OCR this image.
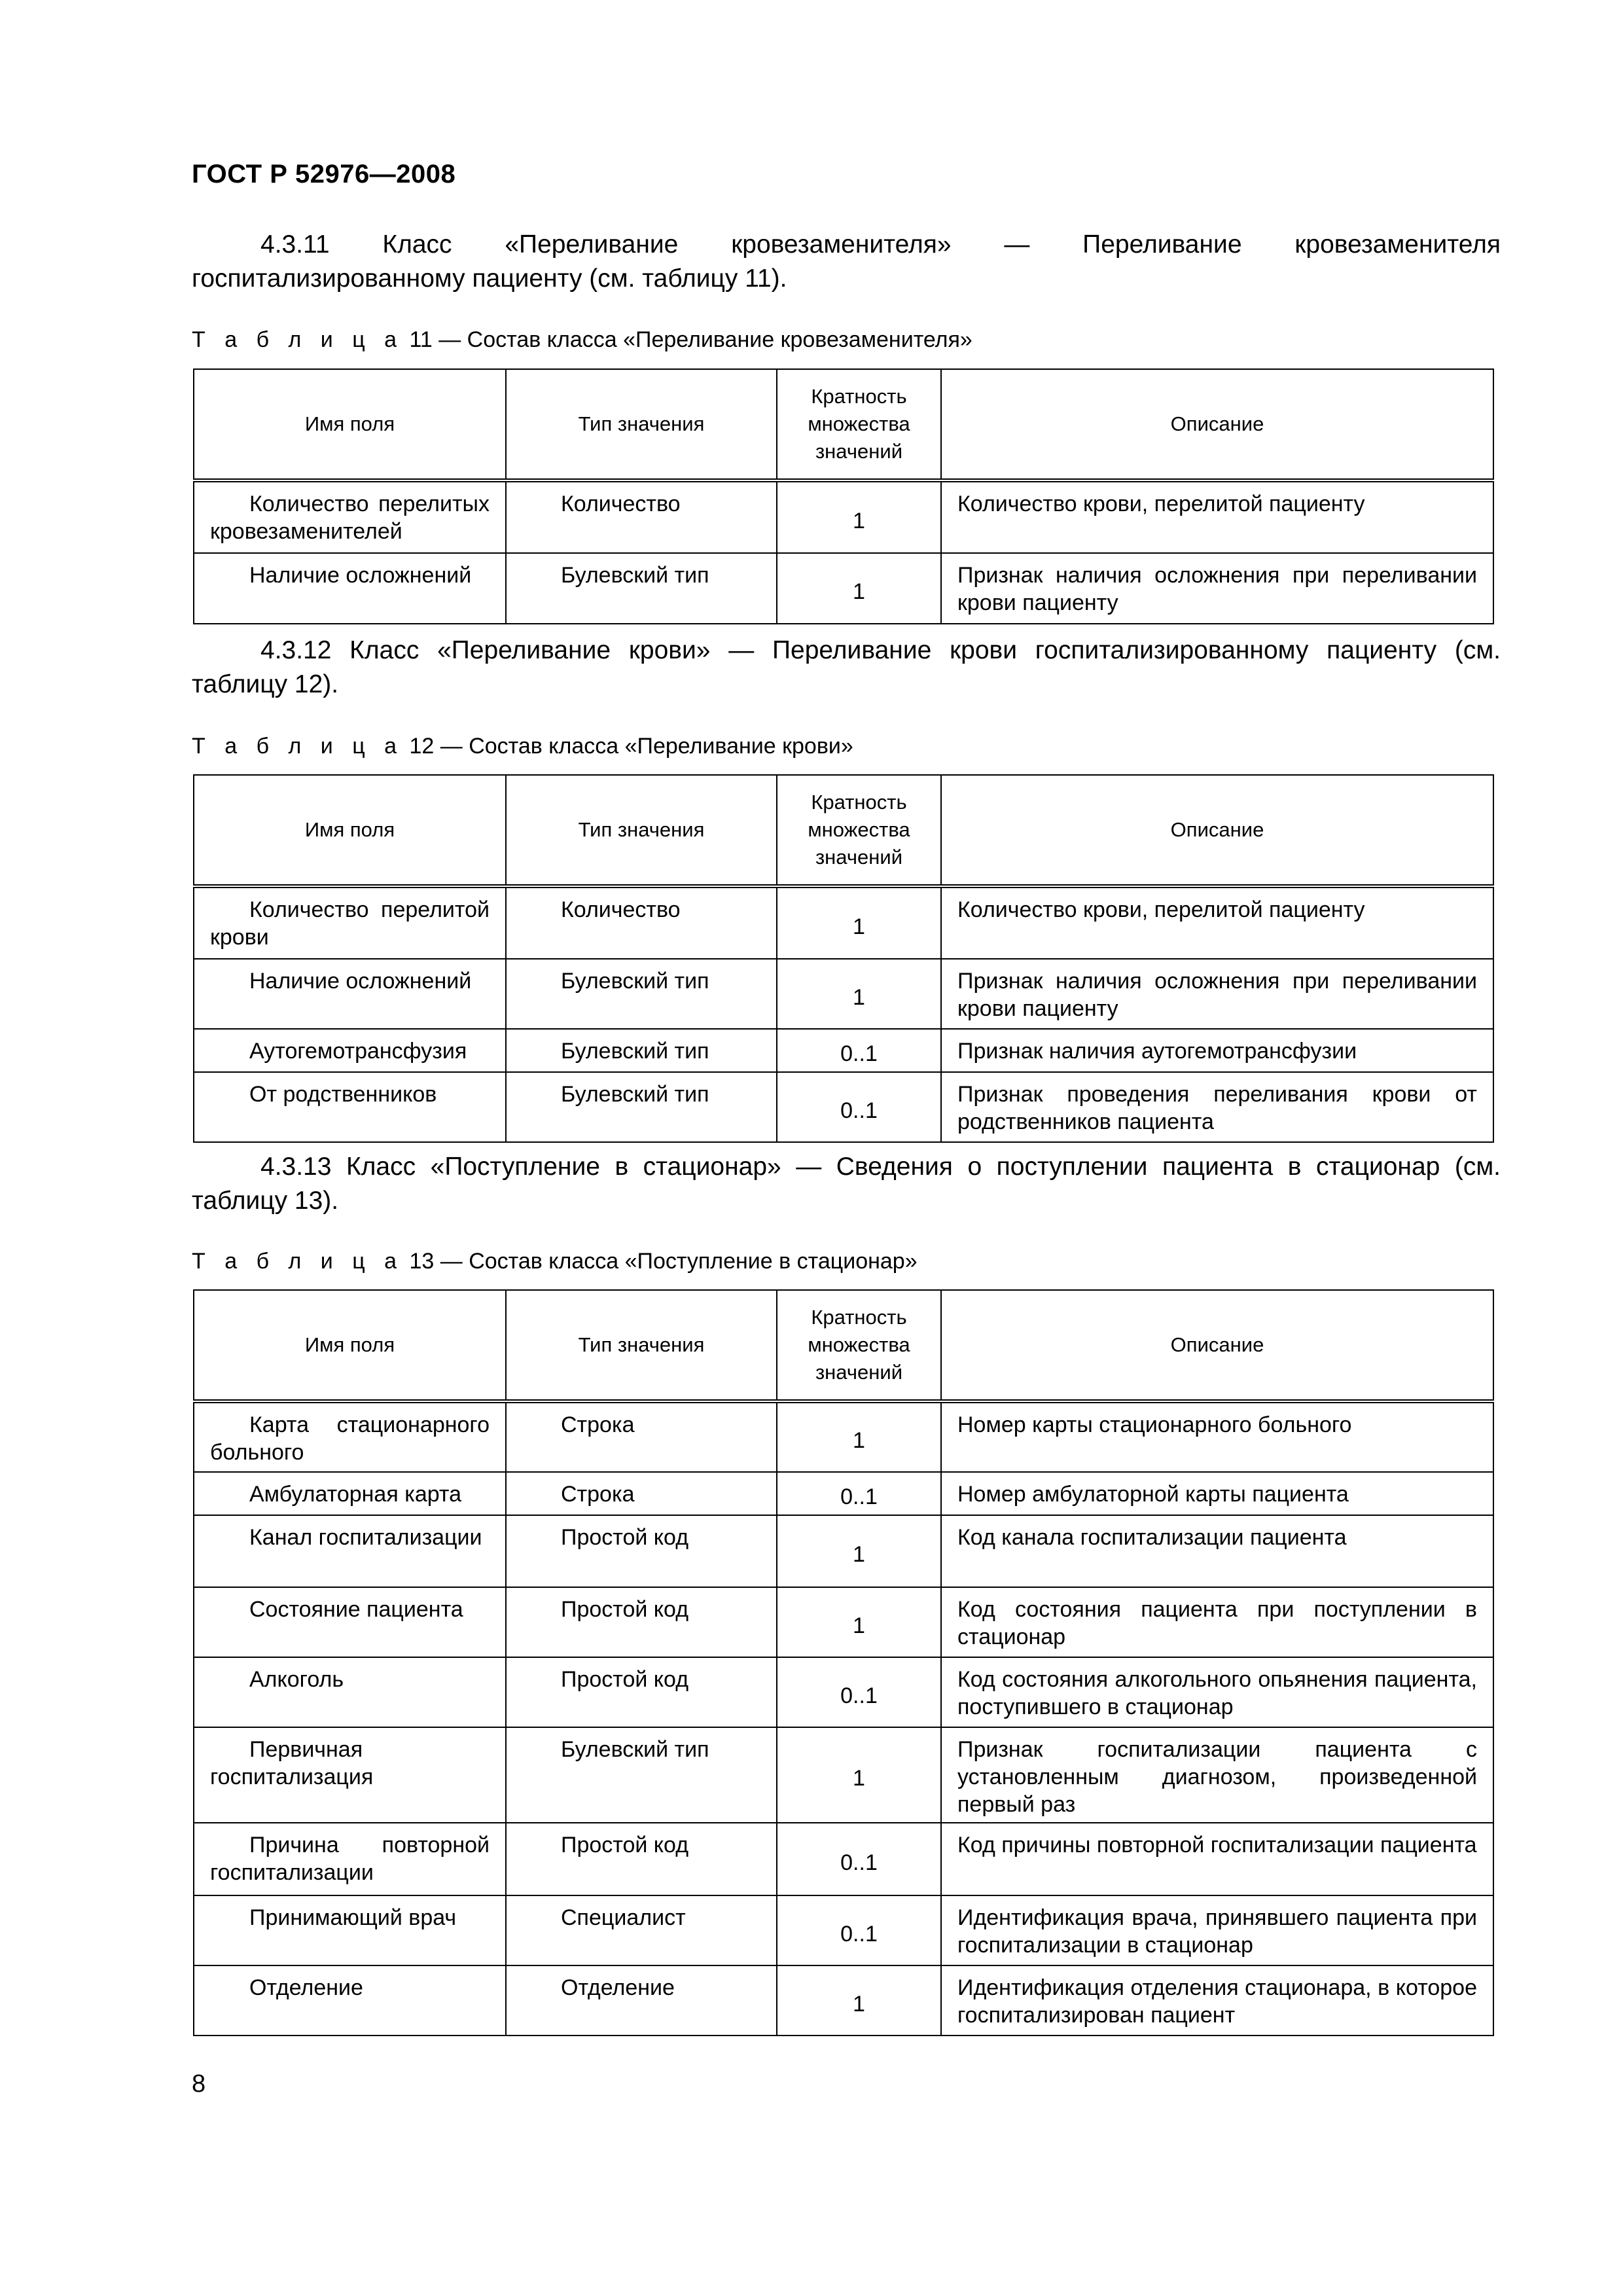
ГОСТ Р 52976—2008

4.3.11 Класс «Переливание кровезаменителя» — Переливание кровезаменителя госпитализированному пациенту (см. таблицу 11).

Т а б л и ц а 11 — Состав класса «Переливание кровезаменителя»
Имя поля	Тип значения	Кратность множества значений	Описание
Количество перелитых кровезаменителей	Количество	1	Количество крови, перелитой пациенту
Наличие осложнений	Булевский тип	1	Признак наличия осложнения при переливании крови пациенту

4.3.12 Класс «Переливание крови» — Переливание крови госпитализированному пациенту (см. таблицу 12).

Т а б л и ц а 12 — Состав класса «Переливание крови»
Имя поля	Тип значения	Кратность множества значений	Описание
Количество перелитой крови	Количество	1	Количество крови, перелитой пациенту
Наличие осложнений	Булевский тип	1	Признак наличия осложнения при переливании крови пациенту
Аутогемотрансфузия	Булевский тип	0..1	Признак наличия аутогемотрансфузии
От родственников	Булевский тип	0..1	Признак проведения переливания крови от родственников пациента

4.3.13 Класс «Поступление в стационар» — Сведения о поступлении пациента в стационар (см. таблицу 13).

Т а б л и ц а 13 — Состав класса «Поступление в стационар»
Имя поля	Тип значения	Кратность множества значений	Описание
Карта стационарного больного	Строка	1	Номер карты стационарного больного
Амбулаторная карта	Строка	0..1	Номер амбулаторной карты пациента
Канал госпитализации	Простой код	1	Код канала госпитализации пациента
Состояние пациента	Простой код	1	Код состояния пациента при поступлении в стационар
Алкоголь	Простой код	0..1	Код состояния алкогольного опьянения пациента, поступившего в стационар
Первичная госпитализация	Булевский тип	1	Признак госпитализации пациента с установленным диагнозом, произведенной первый раз
Причина повторной госпитализации	Простой код	0..1	Код причины повторной госпитализации пациента
Принимающий врач	Специалист	0..1	Идентификация врача, принявшего пациента при госпитализации в стационар
Отделение	Отделение	1	Идентификация отделения стационара, в которое госпитализирован пациент
8
